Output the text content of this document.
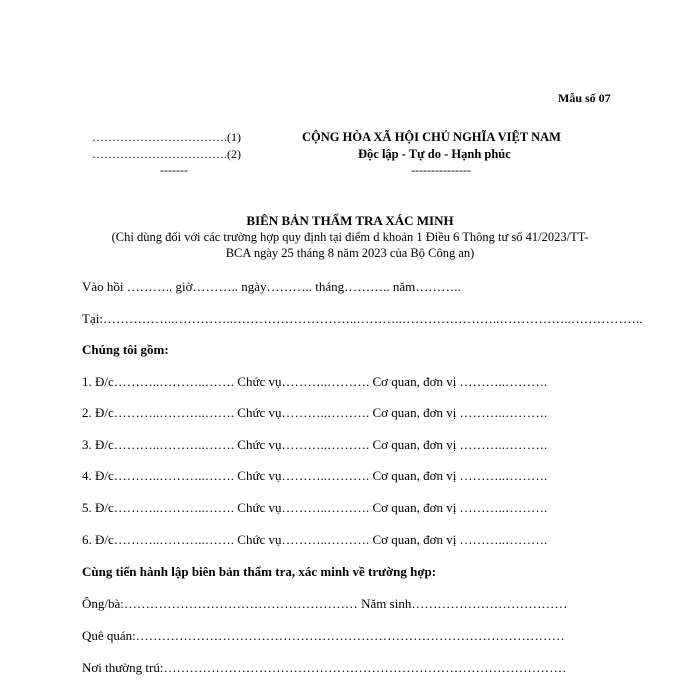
Mẫu số 07
…………………………….(1)
…………………………….(2)
-------
CỘNG HÒA XÃ HỘI CHỦ NGHĨA VIỆT NAM
Độc lập - Tự do - Hạnh phúc
---------------
BIÊN BẢN THẨM TRA XÁC MINH
(Chỉ dùng đối với các trường hợp quy định tại điểm d khoản 1 Điều 6 Thông tư số 41/2023/TT-
BCA ngày 25 tháng 8 năm 2023 của Bộ Công an)
Vào hồi ……….. giờ……….. ngày……….. tháng……….. năm………..
Tại:……………..…………..………………………..………..…………………..……………..……………..
Chúng tôi gồm:
1. Đ/c………..………..……. Chức vụ………..………. Cơ quan, đơn vị ………..……….
2. Đ/c………..………..……. Chức vụ………..………. Cơ quan, đơn vị ………..……….
3. Đ/c………..………..……. Chức vụ………..………. Cơ quan, đơn vị ………..……….
4. Đ/c………..………..……. Chức vụ………..………. Cơ quan, đơn vị ………..……….
5. Đ/c………..………..……. Chức vụ………..………. Cơ quan, đơn vị ………..……….
6. Đ/c………..………..……. Chức vụ………..………. Cơ quan, đơn vị ………..……….
Cùng tiến hành lập biên bản thẩm tra, xác minh về trường hợp:
Ông/bà:……………………………………………… Năm sinh………………………………
Quê quán:………………………………………………………………………………………
Nơi thường trú:…………………………………………………………………………………
